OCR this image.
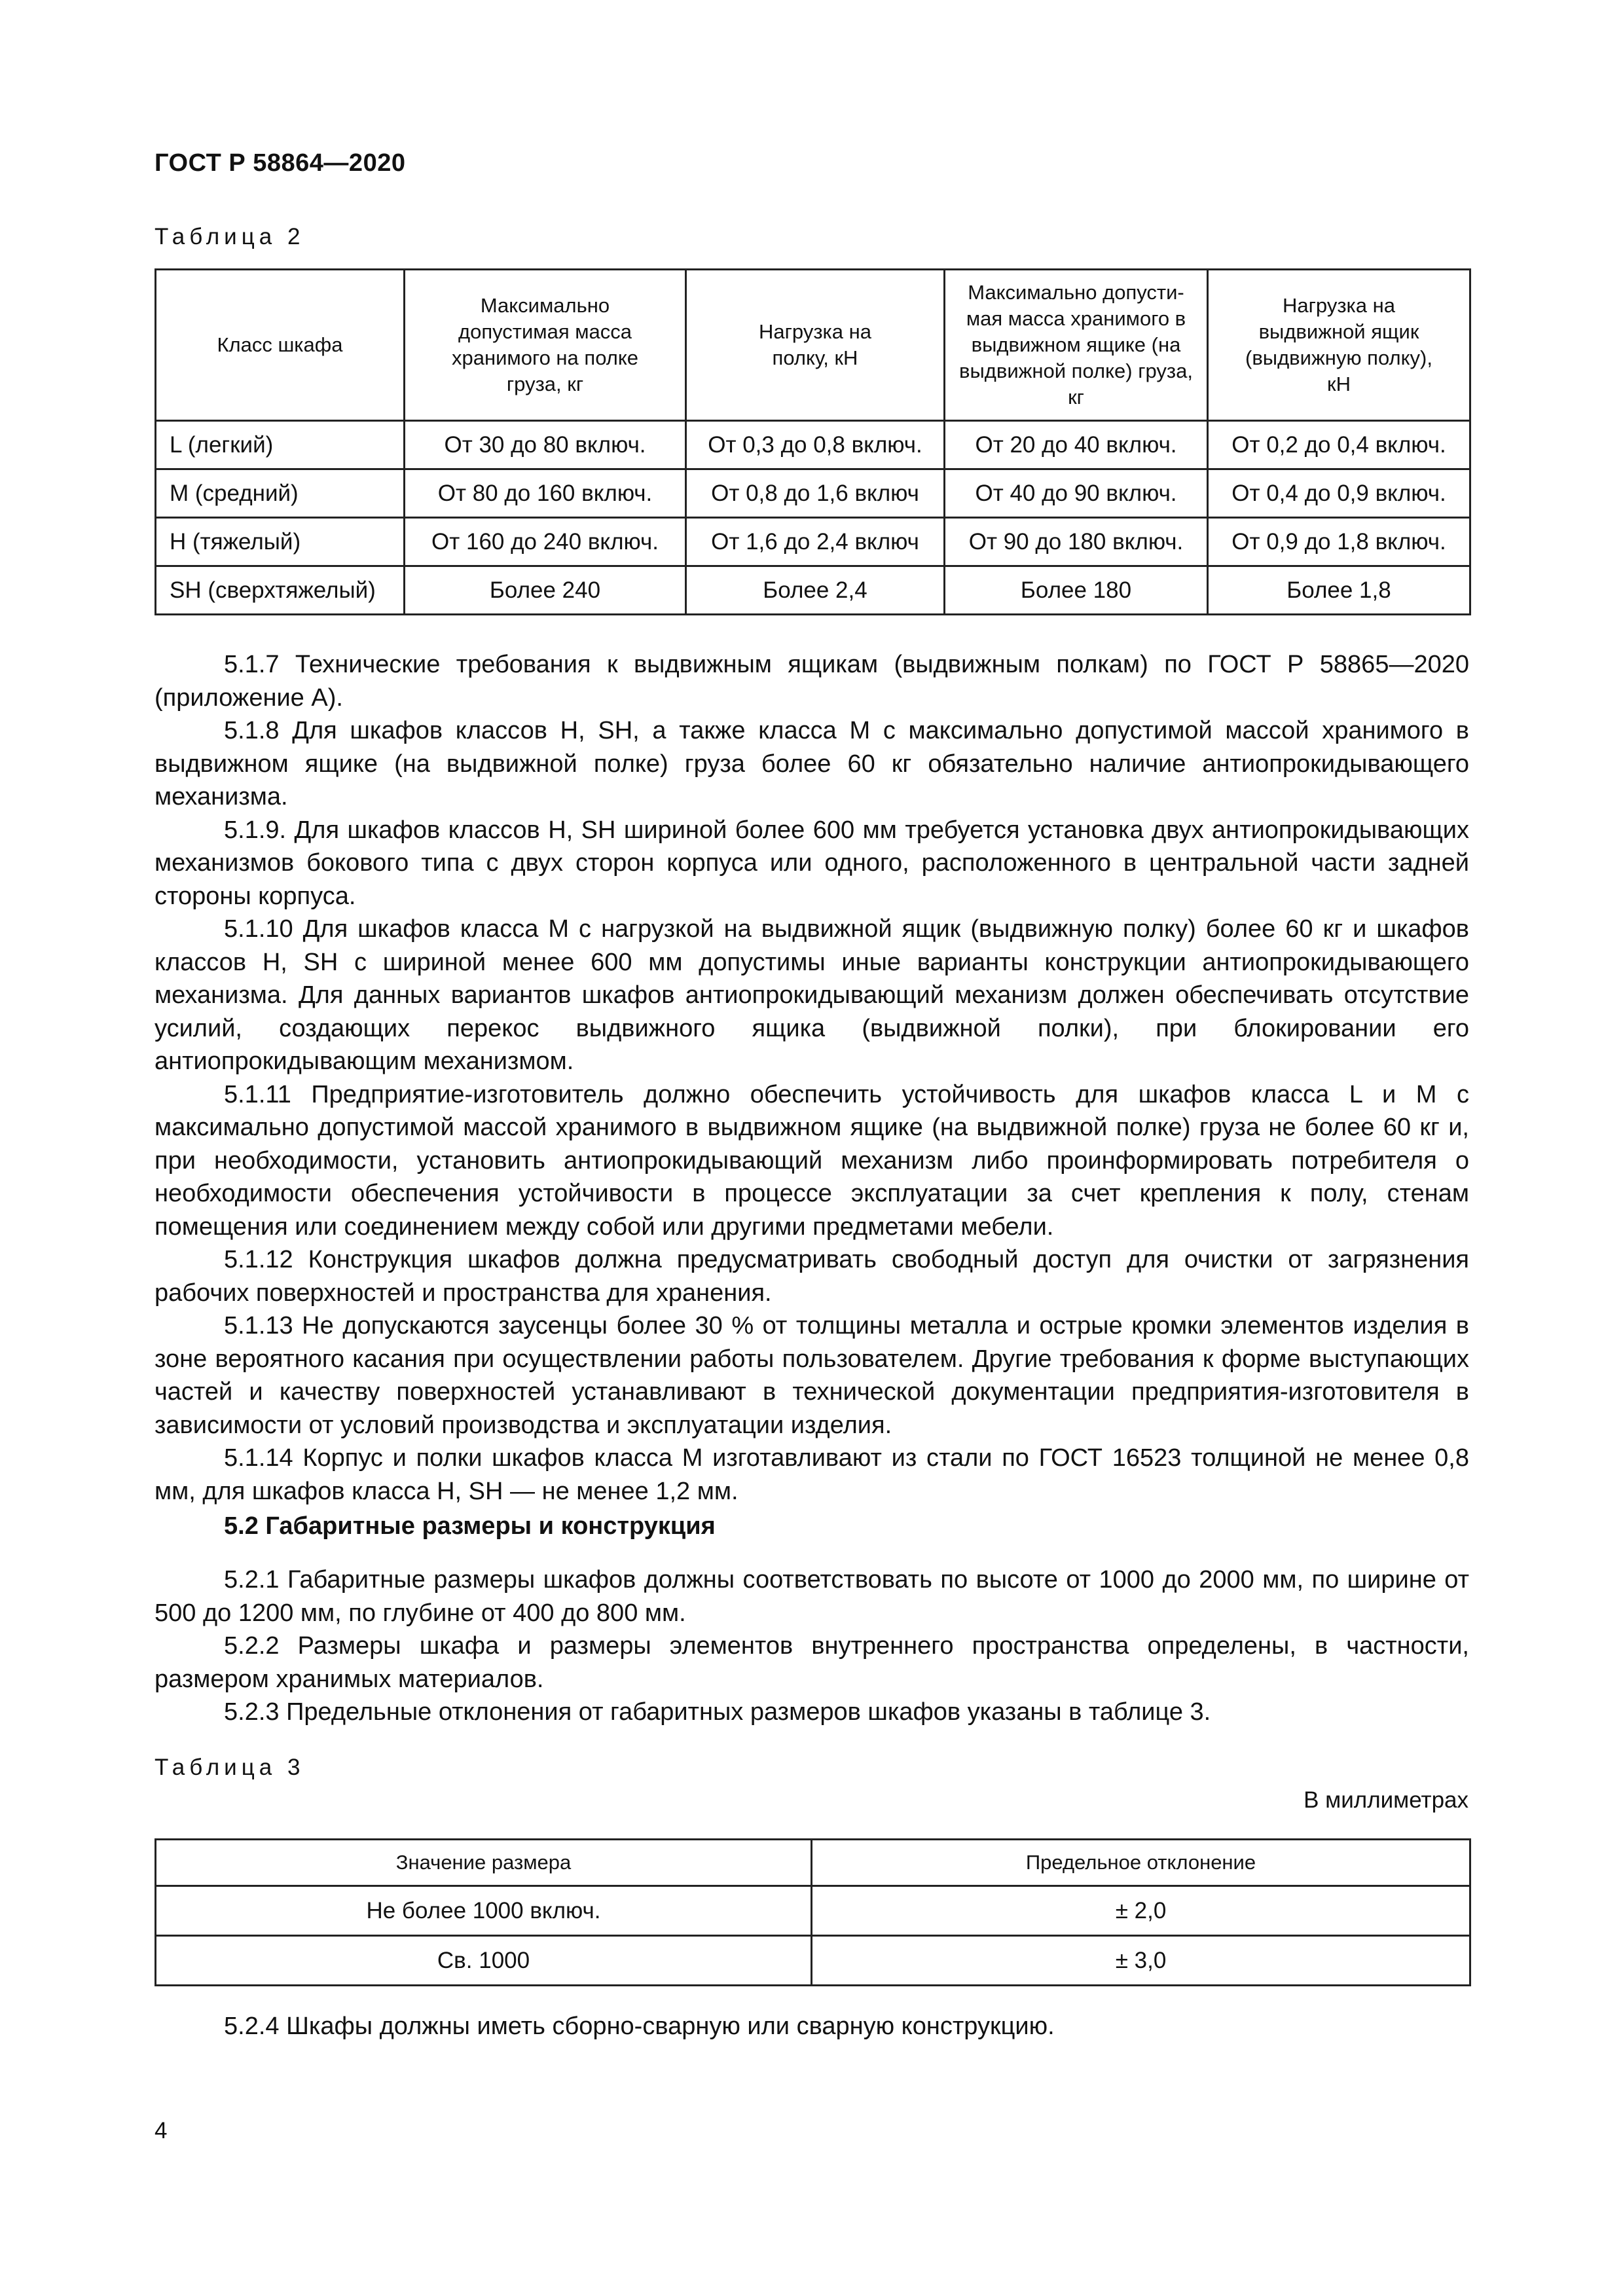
ГОСТ Р 58864—2020
Таблица 2
Класс шкафа	Максимально допустимая масса хранимого на полке груза, кг	Нагрузка на полку, кН	Максимально допусти-мая масса хранимого в выдвижном ящике (на выдвижной полке) груза, кг	Нагрузка на выдвижной ящик (выдвижную полку), кН
L (легкий)	От 30 до 80 включ.	От 0,3 до 0,8 включ.	От 20 до 40 включ.	От 0,2 до 0,4 включ.
M (средний)	От 80 до 160 включ.	От 0,8 до 1,6 включ	От 40 до 90 включ.	От 0,4 до 0,9 включ.
H (тяжелый)	От 160 до 240 включ.	От 1,6 до 2,4 включ	От 90 до 180 включ.	От 0,9 до 1,8 включ.
SH (сверхтяжелый)	Более 240	Более 2,4	Более 180	Более 1,8

5.1.7 Технические требования к выдвижным ящикам (выдвижным полкам) по ГОСТ Р 58865—2020 (приложение А).

5.1.8 Для шкафов классов Н, SH, а также класса М с максимально допустимой массой хранимого в выдвижном ящике (на выдвижной полке) груза более 60 кг обязательно наличие антиопрокидывающего механизма.

5.1.9. Для шкафов классов Н, SH шириной более 600 мм требуется установка двух антиопрокидывающих механизмов бокового типа с двух сторон корпуса или одного, расположенного в центральной части задней стороны корпуса.

5.1.10 Для шкафов класса М с нагрузкой на выдвижной ящик (выдвижную полку) более 60 кг и шкафов классов Н, SH с шириной менее 600 мм допустимы иные варианты конструкции антиопрокидывающего механизма. Для данных вариантов шкафов антиопрокидывающий механизм должен обеспечивать отсутствие усилий, создающих перекос выдвижного ящика (выдвижной полки), при блокировании его антиопрокидывающим механизмом.

5.1.11 Предприятие-изготовитель должно обеспечить устойчивость для шкафов класса L и M с максимально допустимой массой хранимого в выдвижном ящике (на выдвижной полке) груза не более 60 кг и, при необходимости, установить антиопрокидывающий механизм либо проинформировать потребителя о необходимости обеспечения устойчивости в процессе эксплуатации за счет крепления к полу, стенам помещения или соединением между собой или другими предметами мебели.

5.1.12 Конструкция шкафов должна предусматривать свободный доступ для очистки от загрязнения рабочих поверхностей и пространства для хранения.

5.1.13 Не допускаются заусенцы более 30 % от толщины металла и острые кромки элементов изделия в зоне вероятного касания при осуществлении работы пользователем. Другие требования к форме выступающих частей и качеству поверхностей устанавливают в технической документации предприятия-изготовителя в зависимости от условий производства и эксплуатации изделия.

5.1.14 Корпус и полки шкафов класса М изготавливают из стали по ГОСТ 16523 толщиной не менее 0,8 мм, для шкафов класса Н, SH — не менее 1,2 мм.

5.2 Габаритные размеры и конструкция

5.2.1 Габаритные размеры шкафов должны соответствовать по высоте от 1000 до 2000 мм, по ширине от 500 до 1200 мм, по глубине от 400 до 800 мм.

5.2.2 Размеры шкафа и размеры элементов внутреннего пространства определены, в частности, размером хранимых материалов.

5.2.3 Предельные отклонения от габаритных размеров шкафов указаны в таблице 3.

Таблица 3
В миллиметрах
Значение размера	Предельное отклонение
Не более 1000 включ.	± 2,0
Св. 1000	± 3,0

5.2.4 Шкафы должны иметь сборно-сварную или сварную конструкцию.

4
